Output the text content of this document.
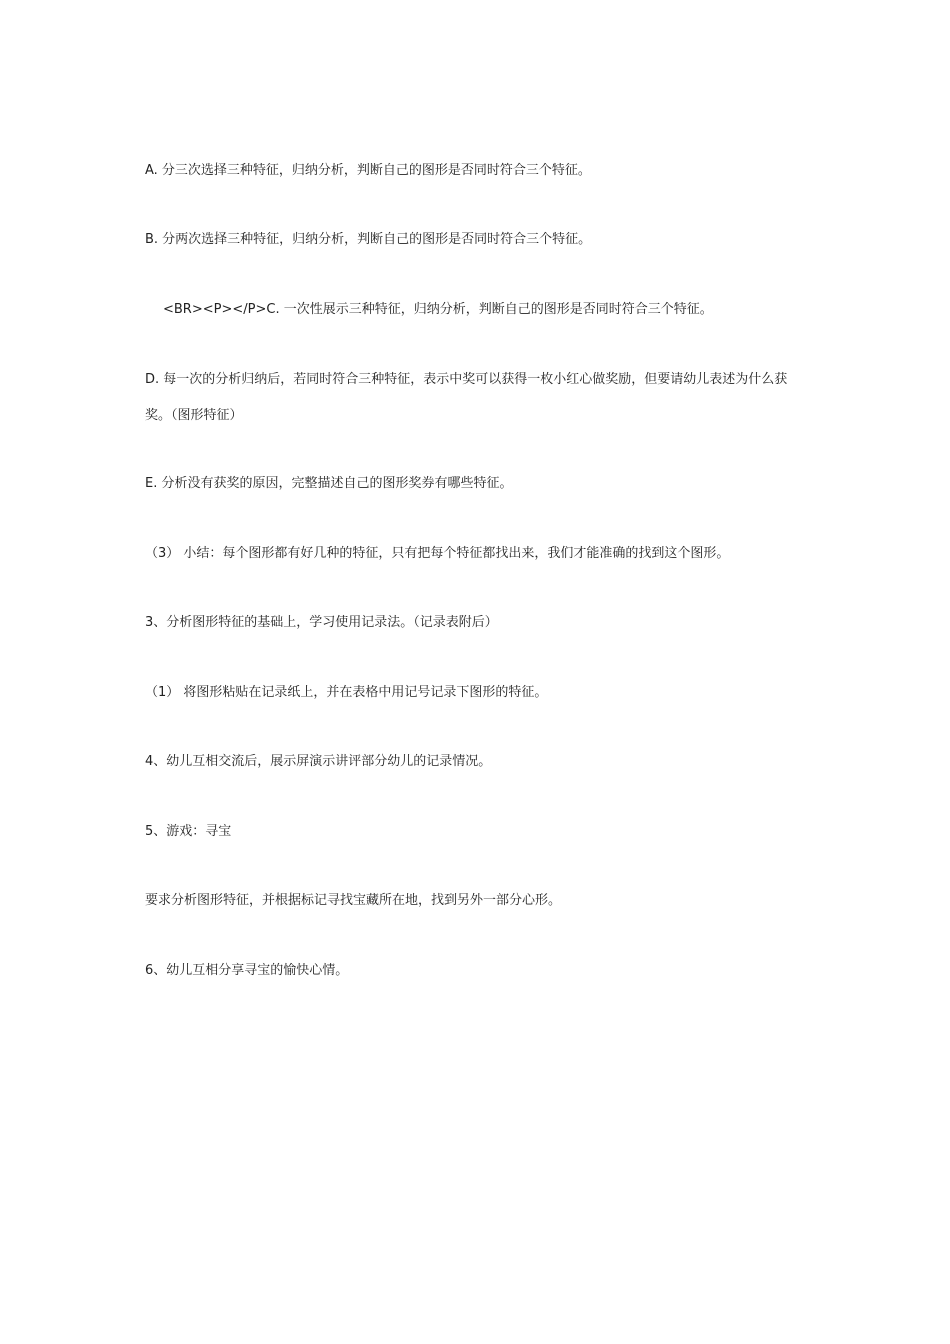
A. 分三次选择三种特征，归纳分析，判断自己的图形是否同时符合三个特征。
B. 分两次选择三种特征，归纳分析，判断自己的图形是否同时符合三个特征。
<BR><P></P>C. 一次性展示三种特征，归纳分析，判断自己的图形是否同时符合三个特征。
D. 每一次的分析归纳后，若同时符合三种特征，表示中奖可以获得一枚小红心做奖励，但要请幼儿表述为什么获奖。（图形特征）
E. 分析没有获奖的原因，完整描述自己的图形奖券有哪些特征。
（3） 小结：每个图形都有好几种的特征，只有把每个特征都找出来，我们才能准确的找到这个图形。
3、分析图形特征的基础上，学习使用记录法。（记录表附后）
（1） 将图形粘贴在记录纸上，并在表格中用记号记录下图形的特征。
4、幼儿互相交流后，展示屏演示讲评部分幼儿的记录情况。
5、游戏：寻宝
要求分析图形特征，并根据标记寻找宝藏所在地，找到另外一部分心形。
6、幼儿互相分享寻宝的愉快心情。
